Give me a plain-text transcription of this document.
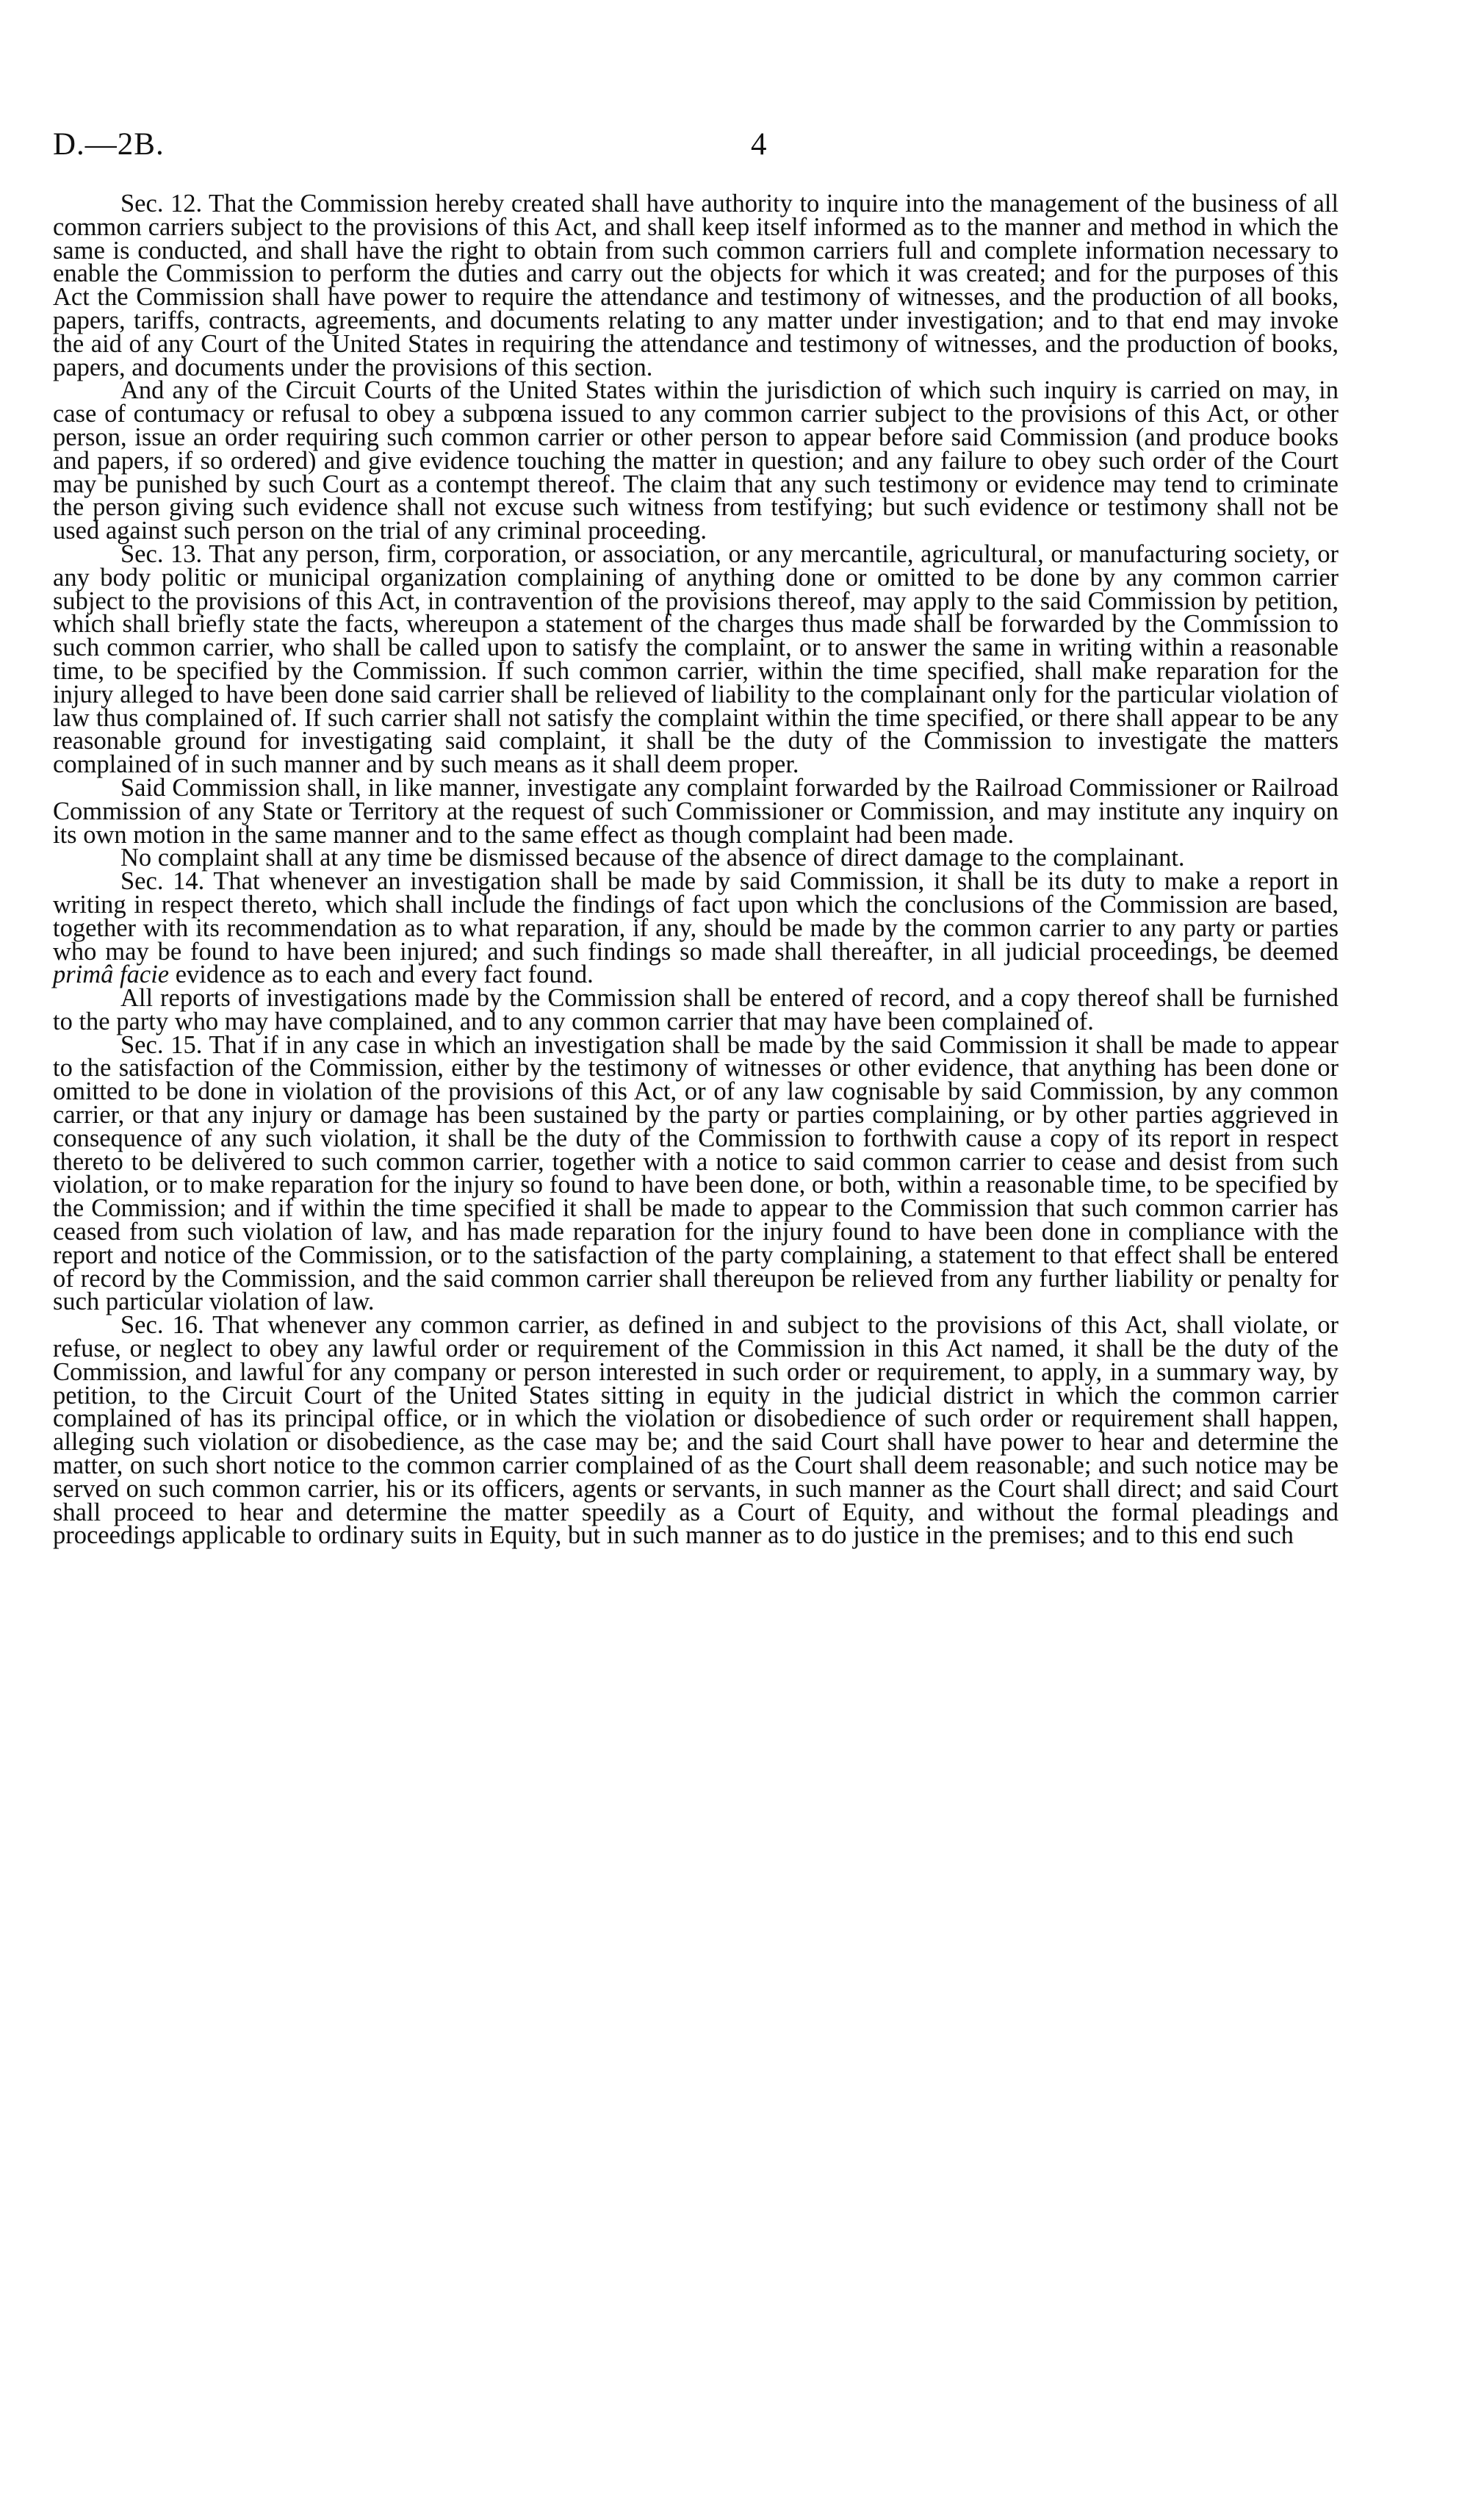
D.—2B.	4

Sec. 12. That the Commission hereby created shall have authority to inquire into the management of the business of all common carriers subject to the provisions of this Act, and shall keep itself informed as to the manner and method in which the same is conducted, and shall have the right to obtain from such common carriers full and complete information necessary to enable the Commission to perform the duties and carry out the objects for which it was created; and for the purposes of this Act the Commission shall have power to require the attendance and testimony of witnesses, and the production of all books, papers, tariffs, contracts, agreements, and documents relating to any matter under investigation; and to that end may invoke the aid of any Court of the United States in requiring the attendance and testimony of witnesses, and the production of books, papers, and documents under the provisions of this section.

And any of the Circuit Courts of the United States within the jurisdiction of which such inquiry is carried on may, in case of contumacy or refusal to obey a subpœna issued to any common carrier subject to the provisions of this Act, or other person, issue an order requiring such common carrier or other person to appear before said Commission (and produce books and papers, if so ordered) and give evidence touching the matter in question; and any failure to obey such order of the Court may be punished by such Court as a contempt thereof. The claim that any such testimony or evidence may tend to criminate the person giving such evidence shall not excuse such witness from testifying; but such evidence or testimony shall not be used against such person on the trial of any criminal proceeding.

Sec. 13. That any person, firm, corporation, or association, or any mercantile, agricultural, or manufacturing society, or any body politic or municipal organization complaining of anything done or omitted to be done by any common carrier subject to the provisions of this Act, in contravention of the provisions thereof, may apply to the said Commission by petition, which shall briefly state the facts, whereupon a statement of the charges thus made shall be forwarded by the Commission to such common carrier, who shall be called upon to satisfy the complaint, or to answer the same in writing within a reasonable time, to be specified by the Commission. If such common carrier, within the time specified, shall make reparation for the injury alleged to have been done said carrier shall be relieved of liability to the complainant only for the particular violation of law thus complained of. If such carrier shall not satisfy the complaint within the time specified, or there shall appear to be any reasonable ground for investigating said complaint, it shall be the duty of the Commission to investigate the matters complained of in such manner and by such means as it shall deem proper.

Said Commission shall, in like manner, investigate any complaint forwarded by the Railroad Commissioner or Railroad Commission of any State or Territory at the request of such Commissioner or Commission, and may institute any inquiry on its own motion in the same manner and to the same effect as though complaint had been made.

No complaint shall at any time be dismissed because of the absence of direct damage to the complainant.

Sec. 14. That whenever an investigation shall be made by said Commission, it shall be its duty to make a report in writing in respect thereto, which shall include the findings of fact upon which the conclusions of the Commission are based, together with its recommendation as to what reparation, if any, should be made by the common carrier to any party or parties who may be found to have been injured; and such findings so made shall thereafter, in all judicial proceedings, be deemed primâ facie evidence as to each and every fact found.

All reports of investigations made by the Commission shall be entered of record, and a copy thereof shall be furnished to the party who may have complained, and to any common carrier that may have been complained of.

Sec. 15. That if in any case in which an investigation shall be made by the said Commission it shall be made to appear to the satisfaction of the Commission, either by the testimony of witnesses or other evidence, that anything has been done or omitted to be done in violation of the provisions of this Act, or of any law cognisable by said Commission, by any common carrier, or that any injury or damage has been sustained by the party or parties complaining, or by other parties aggrieved in consequence of any such violation, it shall be the duty of the Commission to forthwith cause a copy of its report in respect thereto to be delivered to such common carrier, together with a notice to said common carrier to cease and desist from such violation, or to make reparation for the injury so found to have been done, or both, within a reasonable time, to be specified by the Commission; and if within the time specified it shall be made to appear to the Commission that such common carrier has ceased from such violation of law, and has made reparation for the injury found to have been done in compliance with the report and notice of the Commission, or to the satisfaction of the party complaining, a statement to that effect shall be entered of record by the Commission, and the said common carrier shall thereupon be relieved from any further liability or penalty for such particular violation of law.

Sec. 16. That whenever any common carrier, as defined in and subject to the provisions of this Act, shall violate, or refuse, or neglect to obey any lawful order or requirement of the Commission in this Act named, it shall be the duty of the Commission, and lawful for any company or person interested in such order or requirement, to apply, in a summary way, by petition, to the Circuit Court of the United States sitting in equity in the judicial district in which the common carrier complained of has its principal office, or in which the violation or disobedience of such order or requirement shall happen, alleging such violation or disobedience, as the case may be; and the said Court shall have power to hear and determine the matter, on such short notice to the common carrier complained of as the Court shall deem reasonable; and such notice may be served on such common carrier, his or its officers, agents or servants, in such manner as the Court shall direct; and said Court shall proceed to hear and determine the matter speedily as a Court of Equity, and without the formal pleadings and proceedings applicable to ordinary suits in Equity, but in such manner as to do justice in the premises; and to this end such
